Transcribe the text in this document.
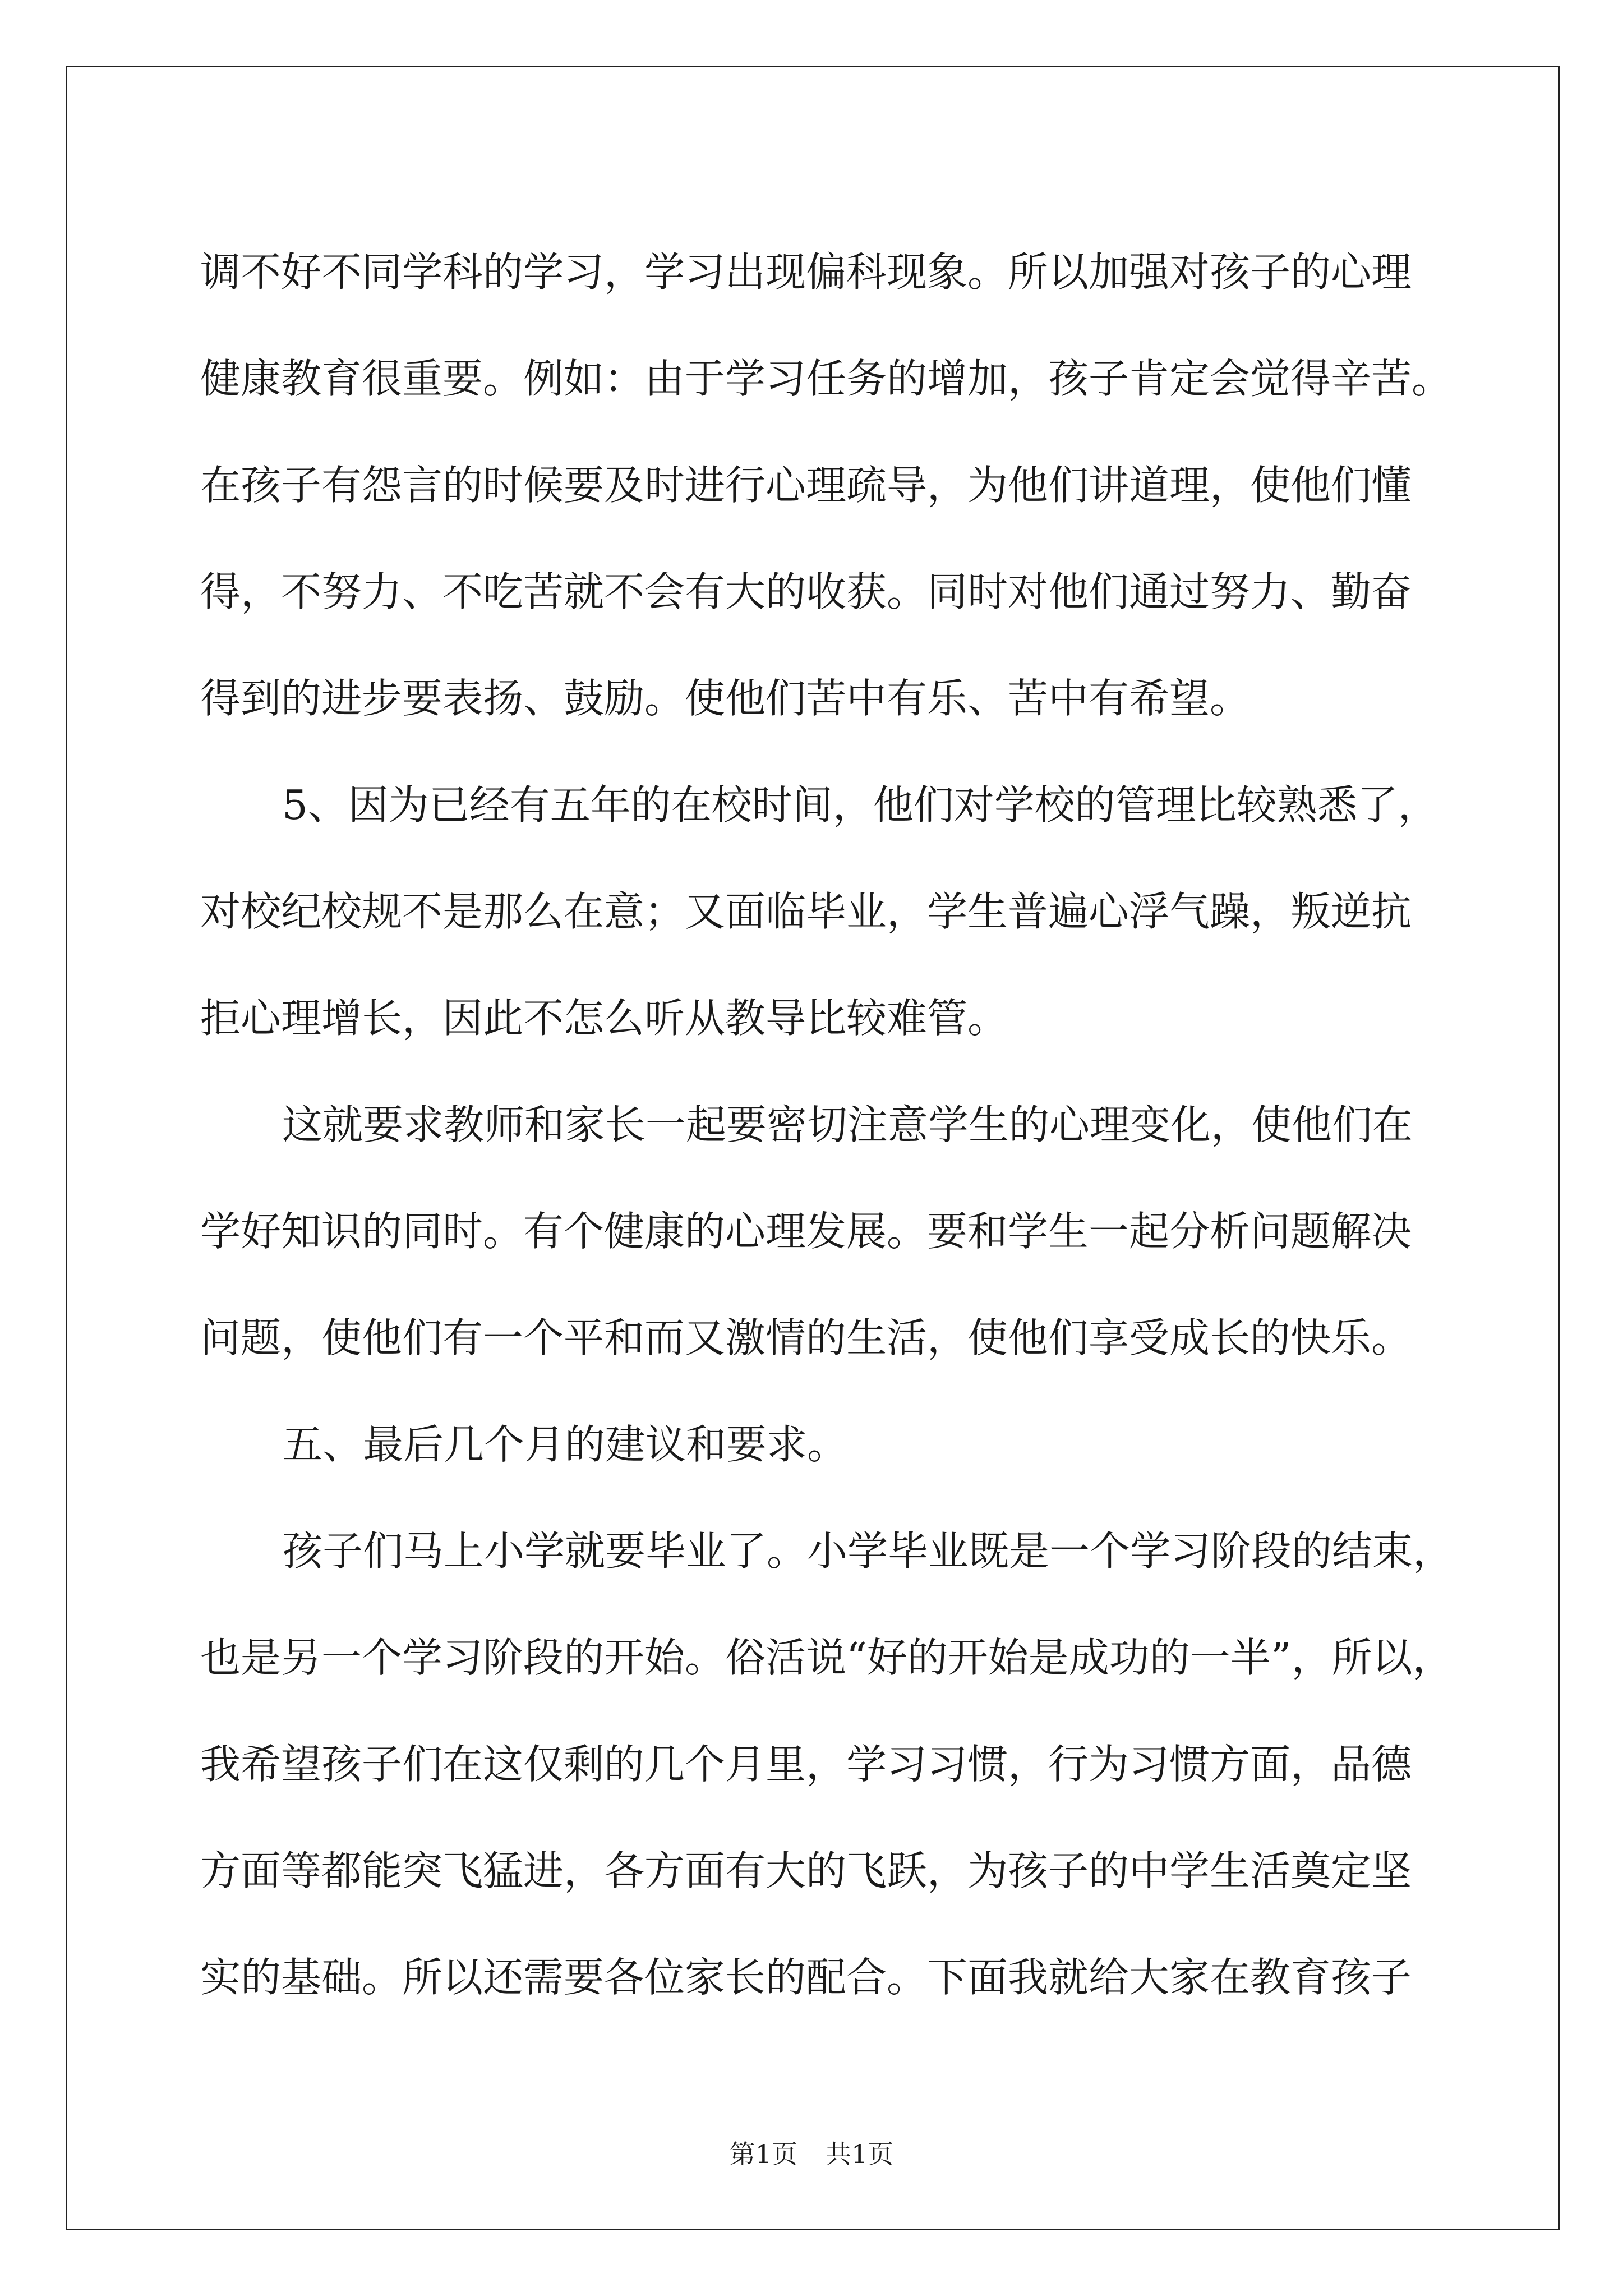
调不好不同学科的学习，学习出现偏科现象。所以加强对孩子的心理
健康教育很重要。例如：由于学习任务的增加，孩子肯定会觉得辛苦。
在孩子有怨言的时候要及时进行心理疏导，为他们讲道理，使他们懂
得，不努力、不吃苦就不会有大的收获。同时对他们通过努力、勤奋
得到的进步要表扬、鼓励。使他们苦中有乐、苦中有希望。
5、因为已经有五年的在校时间，他们对学校的管理比较熟悉了，
对校纪校规不是那么在意；又面临毕业，学生普遍心浮气躁，叛逆抗
拒心理增长，因此不怎么听从教导比较难管。
这就要求教师和家长一起要密切注意学生的心理变化，使他们在
学好知识的同时。有个健康的心理发展。要和学生一起分析问题解决
问题，使他们有一个平和而又激情的生活，使他们享受成长的快乐。
五、最后几个月的建议和要求。
孩子们马上小学就要毕业了。小学毕业既是一个学习阶段的结束，
也是另一个学习阶段的开始。俗活说“好的开始是成功的一半”，所以，
我希望孩子们在这仅剩的几个月里，学习习惯，行为习惯方面，品德
方面等都能突飞猛进，各方面有大的飞跃，为孩子的中学生活奠定坚
实的基础。所以还需要各位家长的配合。下面我就给大家在教育孩子
第1页 共1页
